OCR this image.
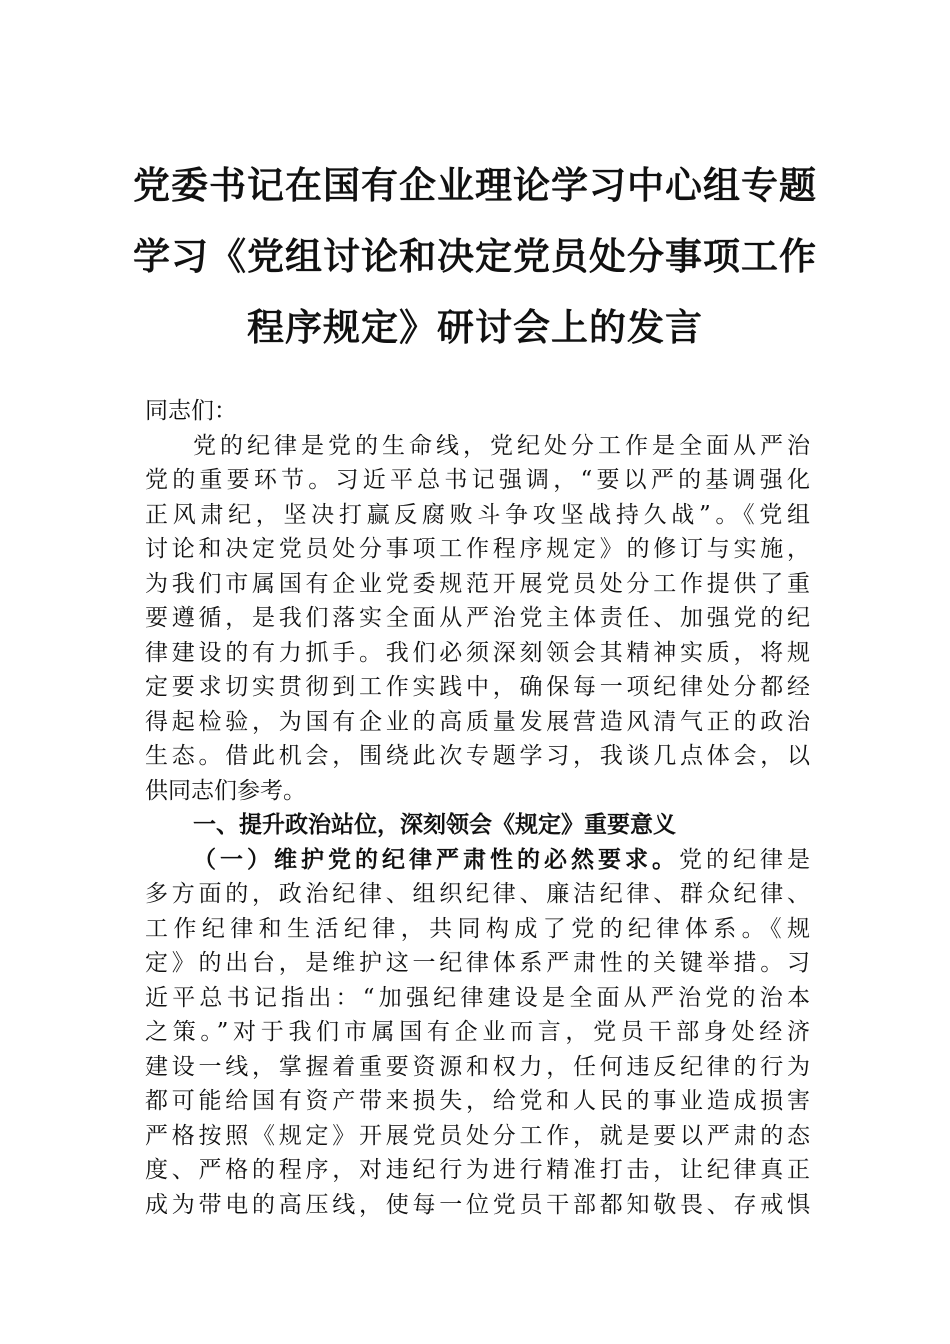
党委书记在国有企业理论学习中心组专题
学习《党组讨论和决定党员处分事项工作
程序规定》研讨会上的发言
同志们：
党的纪律是党的生命线，党纪处分工作是全面从严治
党的重要环节。习近平总书记强调，“要以严的基调强化
正风肃纪，坚决打赢反腐败斗争攻坚战持久战”。《党组
讨论和决定党员处分事项工作程序规定》的修订与实施，
为我们市属国有企业党委规范开展党员处分工作提供了重
要遵循，是我们落实全面从严治党主体责任、加强党的纪
律建设的有力抓手。我们必须深刻领会其精神实质，将规
定要求切实贯彻到工作实践中，确保每一项纪律处分都经
得起检验，为国有企业的高质量发展营造风清气正的政治
生态。借此机会，围绕此次专题学习，我谈几点体会，以
供同志们参考。
一、提升政治站位，深刻领会《规定》重要意义
（一）维护党的纪律严肃性的必然要求。党的纪律是
多方面的，政治纪律、组织纪律、廉洁纪律、群众纪律、
工作纪律和生活纪律，共同构成了党的纪律体系。《规
定》的出台，是维护这一纪律体系严肃性的关键举措。习
近平总书记指出：“加强纪律建设是全面从严治党的治本
之策。”对于我们市属国有企业而言，党员干部身处经济
建设一线，掌握着重要资源和权力，任何违反纪律的行为
都可能给国有资产带来损失，给党和人民的事业造成损害
严格按照《规定》开展党员处分工作，就是要以严肃的态
度、严格的程序，对违纪行为进行精准打击，让纪律真正
成为带电的高压线，使每一位党员干部都知敬畏、存戒惧
